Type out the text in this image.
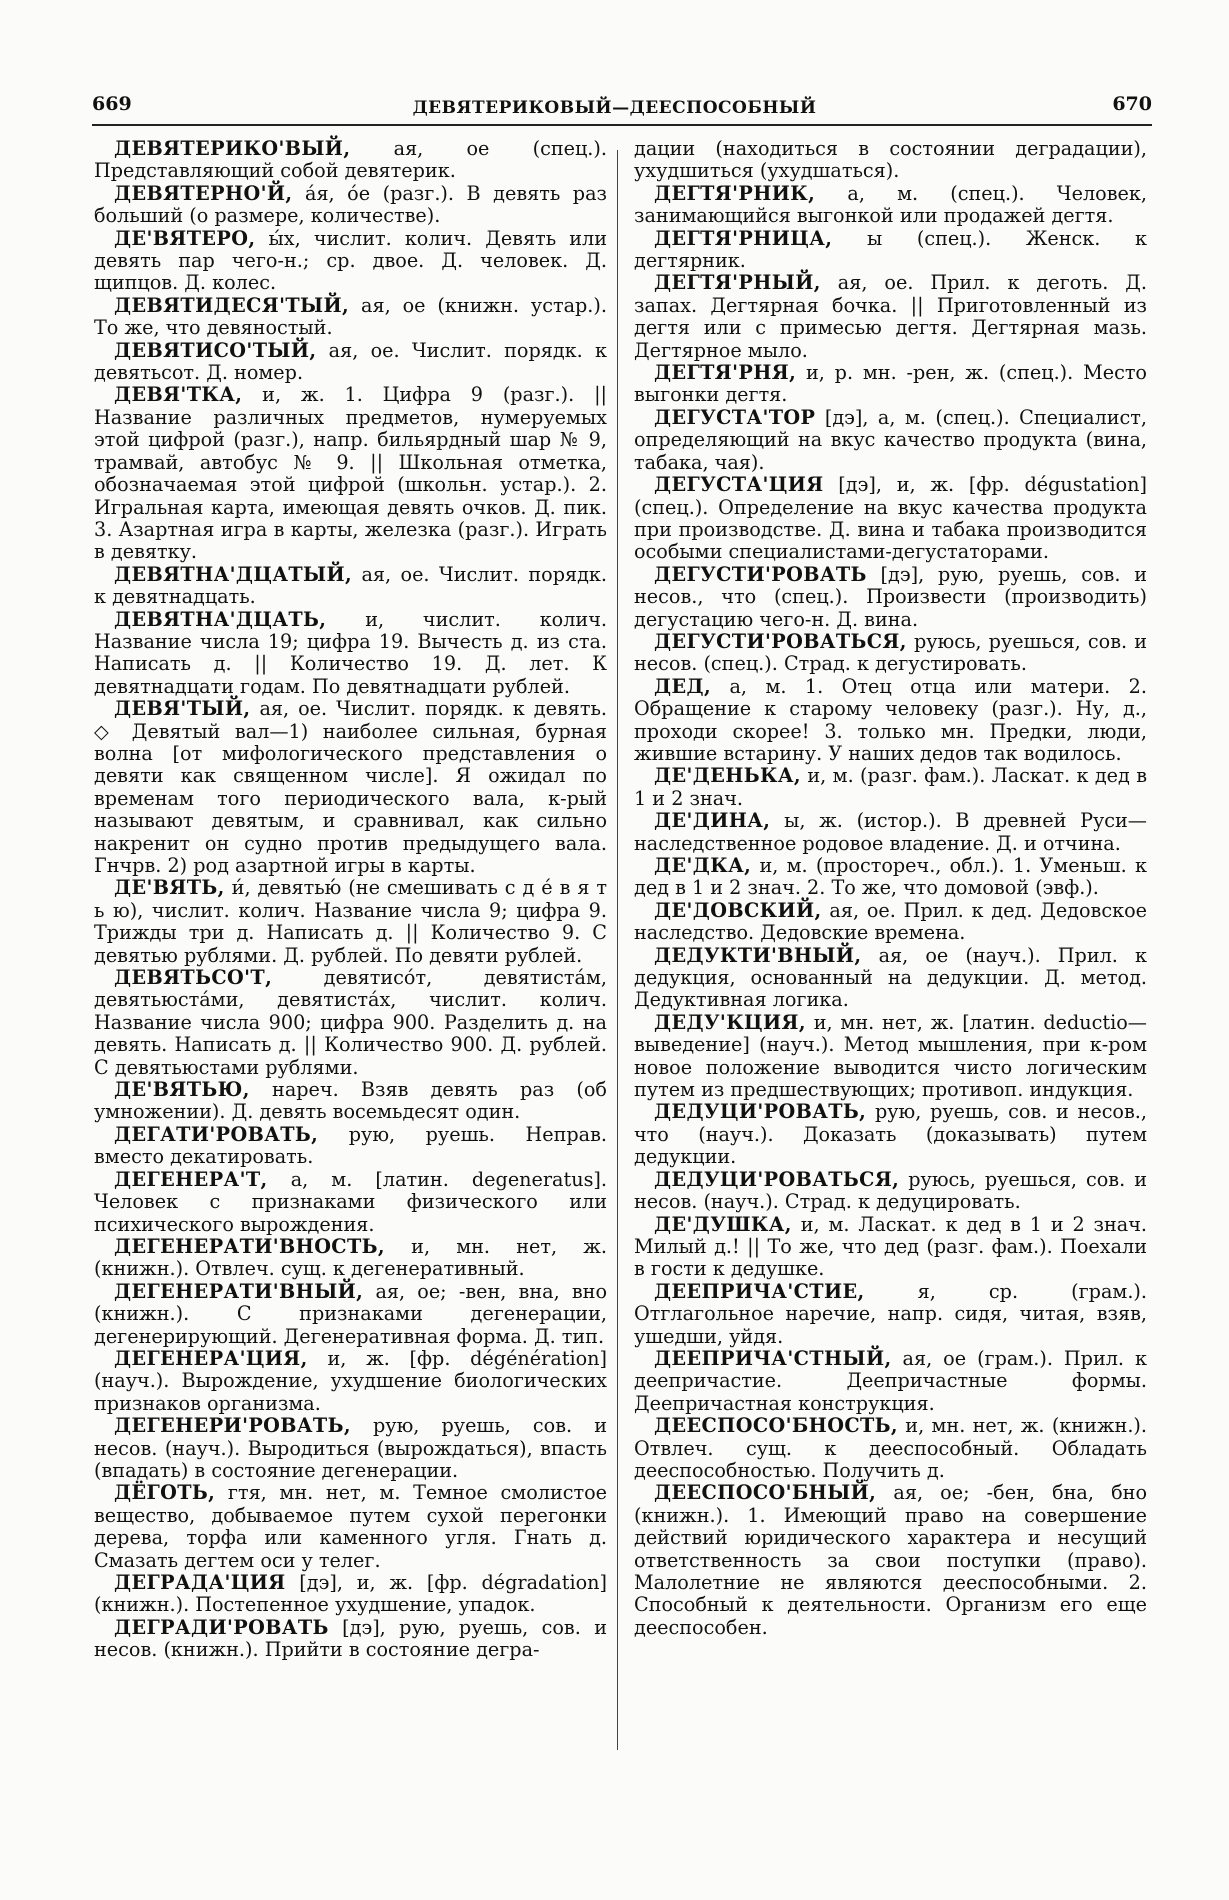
669	ДЕВЯТЕРИКОВЫЙ—ДЕЕСПОСОБНЫЙ	670

ДЕВЯТЕРИКО'ВЫЙ, ая, ое (спец.). Представляющий собой девятерик.

ДЕВЯТЕРНО'Й, а́я, о́е (разг.). В девять раз больший (о размере, количестве).

ДЕ'ВЯТЕРО, ы́х, числит. колич. Девять или девять пар чего-н.; ср. двое. Д. человек. Д. щипцов. Д. колес.

ДЕВЯТИДЕСЯ'ТЫЙ, ая, ое (книжн. устар.). То же, что девяностый.

ДЕВЯТИСО'ТЫЙ, ая, ое. Числит. порядк. к девятьсот. Д. номер.

ДЕВЯ'ТКА, и, ж. 1. Цифра 9 (разг.). || Название различных предметов, нумеруемых этой цифрой (разг.), напр. бильярдный шар № 9, трамвай, автобус № 9. || Школьная отметка, обозначаемая этой цифрой (школьн. устар.). 2. Игральная карта, имеющая девять очков. Д. пик. 3. Азартная игра в карты, железка (разг.). Играть в девятку.

ДЕВЯТНА'ДЦАТЫЙ, ая, ое. Числит. порядк. к девятнадцать.

ДЕВЯТНА'ДЦАТЬ, и, числит. колич. Название числа 19; цифра 19. Вычесть д. из ста. Написать д. || Количество 19. Д. лет. К девятнадцати годам. По девятнадцати рублей.

ДЕВЯ'ТЫЙ, ая, ое. Числит. порядк. к девять. ◇ Девятый вал—1) наиболее сильная, бурная волна [от мифологического представления о девяти как священном числе]. Я ожидал по временам того периодического вала, к-рый называют девятым, и сравнивал, как сильно накренит он судно против предыдущего вала. Гнчрв. 2) род азартной игры в карты.

ДЕ'ВЯТЬ, и́, девятью́ (не смешивать с д е́ в я т ь ю), числит. колич. Название числа 9; цифра 9. Трижды три д. Написать д. || Количество 9. С девятью рублями. Д. рублей. По девяти рублей.

ДЕВЯТЬСО'Т, девятисо́т, девятиста́м, девятьюста́ми, девятиста́х, числит. колич. Название числа 900; цифра 900. Разделить д. на девять. Написать д. || Количество 900. Д. рублей. С девятьюстами рублями.

ДЕ'ВЯТЬЮ, нареч. Взяв девять раз (об умножении). Д. девять восемьдесят один.

ДЕГАТИ'РОВАТЬ, рую, руешь. Неправ. вместо декатировать.

ДЕГЕНЕРА'Т, а, м. [латин. degeneratus]. Человек с признаками физического или психического вырождения.

ДЕГЕНЕРАТИ'ВНОСТЬ, и, мн. нет, ж. (книжн.). Отвлеч. сущ. к дегенеративный.

ДЕГЕНЕРАТИ'ВНЫЙ, ая, ое; -вен, вна, вно (книжн.). С признаками дегенерации, дегенерирующий. Дегенеративная форма. Д. тип.

ДЕГЕНЕРА'ЦИЯ, и, ж. [фр. dégénération] (науч.). Вырождение, ухудшение биологических признаков организма.

ДЕГЕНЕРИ'РОВАТЬ, рую, руешь, сов. и несов. (науч.). Выродиться (вырождаться), впасть (впадать) в состояние дегенерации.

ДЁГОТЬ, гтя, мн. нет, м. Темное смолистое вещество, добываемое путем сухой перегонки дерева, торфа или каменного угля. Гнать д. Смазать дегтем оси у телег.

ДЕГРАДА'ЦИЯ [дэ], и, ж. [фр. dégradation] (книжн.). Постепенное ухудшение, упадок.

ДЕГРАДИ'РОВАТЬ [дэ], рую, руешь, сов. и несов. (книжн.). Прийти в состояние дегра-

дации (находиться в состоянии деградации), ухудшиться (ухудшаться).

ДЕГТЯ'РНИК, а, м. (спец.). Человек, занимающийся выгонкой или продажей дегтя.

ДЕГТЯ'РНИЦА, ы (спец.). Женск. к дегтярник.

ДЕГТЯ'РНЫЙ, ая, ое. Прил. к деготь. Д. запах. Дегтярная бочка. || Приготовленный из дегтя или с примесью дегтя. Дегтярная мазь. Дегтярное мыло.

ДЕГТЯ'РНЯ, и, р. мн. -рен, ж. (спец.). Место выгонки дегтя.

ДЕГУСТА'ТОР [дэ], а, м. (спец.). Специалист, определяющий на вкус качество продукта (вина, табака, чая).

ДЕГУСТА'ЦИЯ [дэ], и, ж. [фр. dégustation] (спец.). Определение на вкус качества продукта при производстве. Д. вина и табака производится особыми специалистами-дегустаторами.

ДЕГУСТИ'РОВАТЬ [дэ], рую, руешь, сов. и несов., что (спец.). Произвести (производить) дегустацию чего-н. Д. вина.

ДЕГУСТИ'РОВАТЬСЯ, руюсь, руешься, сов. и несов. (спец.). Страд. к дегустировать.

ДЕД, а, м. 1. Отец отца или матери. 2. Обращение к старому человеку (разг.). Ну, д., проходи скорее! 3. только мн. Предки, люди, жившие встарину. У наших дедов так водилось.

ДЕ'ДЕНЬКА, и, м. (разг. фам.). Ласкат. к дед в 1 и 2 знач.

ДЕ'ДИНА, ы, ж. (истор.). В древней Руси—наследственное родовое владение. Д. и отчина.

ДЕ'ДКА, и, м. (простореч., обл.). 1. Уменьш. к дед в 1 и 2 знач. 2. То же, что домовой (эвф.).

ДЕ'ДОВСКИЙ, ая, ое. Прил. к дед. Дедовское наследство. Дедовские времена.

ДЕДУКТИ'ВНЫЙ, ая, ое (науч.). Прил. к дедукция, основанный на дедукции. Д. метод. Дедуктивная логика.

ДЕДУ'КЦИЯ, и, мн. нет, ж. [латин. deductio—выведение] (науч.). Метод мышления, при к-ром новое положение выводится чисто логическим путем из предшествующих; противоп. индукция.

ДЕДУЦИ'РОВАТЬ, рую, руешь, сов. и несов., что (науч.). Доказать (доказывать) путем дедукции.

ДЕДУЦИ'РОВАТЬСЯ, руюсь, руешься, сов. и несов. (науч.). Страд. к дедуцировать.

ДЕ'ДУШКА, и, м. Ласкат. к дед в 1 и 2 знач. Милый д.! || То же, что дед (разг. фам.). Поехали в гости к дедушке.

ДЕЕПРИЧА'СТИЕ, я, ср. (грам.). Отглагольное наречие, напр. сидя, читая, взяв, ушедши, уйдя.

ДЕЕПРИЧА'СТНЫЙ, ая, ое (грам.). Прил. к деепричастие. Деепричастные формы. Деепричастная конструкция.

ДЕЕСПОСО'БНОСТЬ, и, мн. нет, ж. (книжн.). Отвлеч. сущ. к дееспособный. Обладать дееспособностью. Получить д.

ДЕЕСПОСО'БНЫЙ, ая, ое; -бен, бна, бно (книжн.). 1. Имеющий право на совершение действий юридического характера и несущий ответственность за свои поступки (право). Малолетние не являются дееспособными. 2. Способный к деятельности. Организм его еще дееспособен.
